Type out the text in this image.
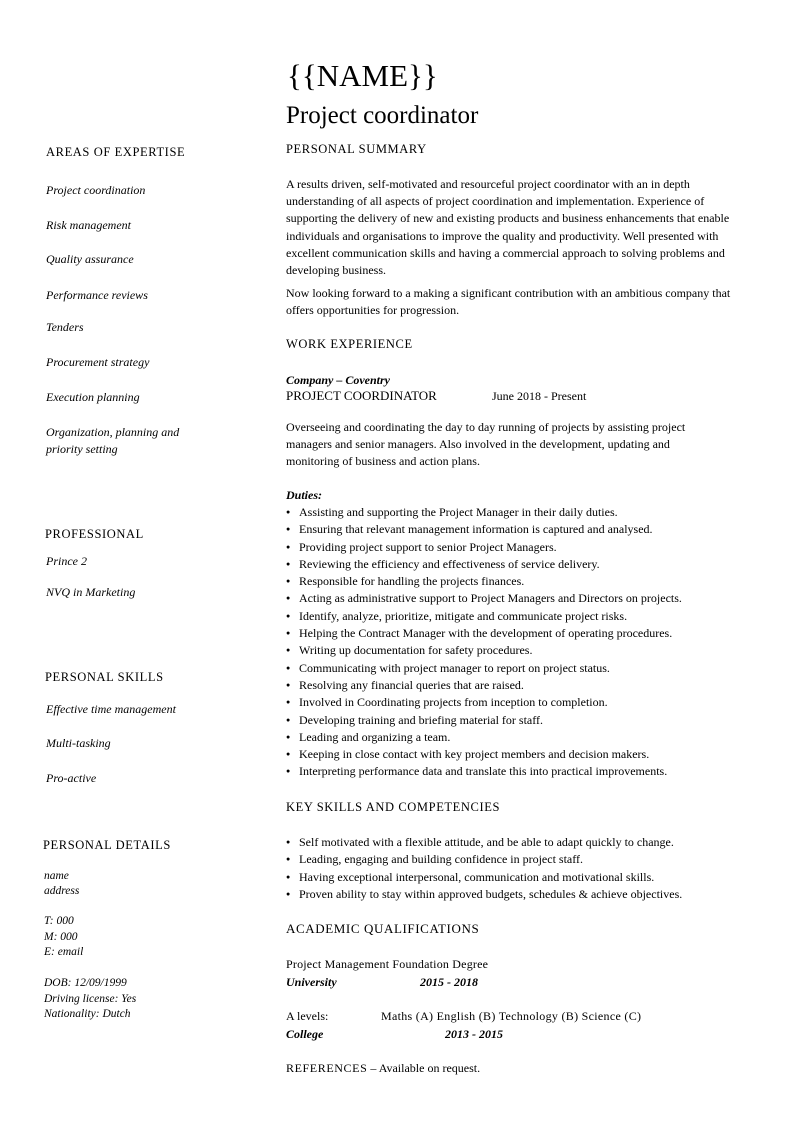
{{NAME}}
Project coordinator
AREAS OF EXPERTISE
Project coordination
Risk management
Quality assurance
Performance reviews
Tenders
Procurement strategy
Execution planning
Organization, planning and
priority setting
PROFESSIONAL
Prince 2
NVQ in Marketing
PERSONAL SKILLS
Effective time management
Multi-tasking
Pro-active
PERSONAL DETAILS
name
address
T: 000
M: 000
E: email
DOB: 12/09/1999
Driving license: Yes
Nationality: Dutch
PERSONAL SUMMARY
A results driven, self-motivated and resourceful project coordinator with an in depth understanding of all aspects of project coordination and implementation. Experience of supporting the delivery of new and existing products and business enhancements that enable individuals and organisations to improve the quality and productivity. Well presented with excellent communication skills and having a commercial approach to solving problems and developing business.
Now looking forward to a making a significant contribution with an ambitious company that offers opportunities for progression.
WORK EXPERIENCE
Company – Coventry
PROJECT COORDINATOR	June 2018 - Present
Overseeing and coordinating the day to day running of projects by assisting project managers and senior managers. Also involved in the development, updating and monitoring of business and action plans.
Duties:
● Assisting and supporting the Project Manager in their daily duties.
● Ensuring that relevant management information is captured and analysed.
● Providing project support to senior Project Managers.
● Reviewing the efficiency and effectiveness of service delivery.
● Responsible for handling the projects finances.
● Acting as administrative support to Project Managers and Directors on projects.
● Identify, analyze, prioritize, mitigate and communicate project risks.
● Helping the Contract Manager with the development of operating procedures.
● Writing up documentation for safety procedures.
● Communicating with project manager to report on project status.
● Resolving any financial queries that are raised.
● Involved in Coordinating projects from inception to completion.
● Developing training and briefing material for staff.
● Leading and organizing a team.
● Keeping in close contact with key project members and decision makers.
● Interpreting performance data and translate this into practical improvements.
KEY SKILLS AND COMPETENCIES
● Self motivated with a flexible attitude, and be able to adapt quickly to change.
● Leading, engaging and building confidence in project staff.
● Having exceptional interpersonal, communication and motivational skills.
● Proven ability to stay within approved budgets, schedules & achieve objectives.
ACADEMIC QUALIFICATIONS
Project Management Foundation Degree
University	2015 - 2018
A levels:	Maths (A) English (B) Technology (B) Science (C)
College	2013 - 2015
REFERENCES – Available on request.
